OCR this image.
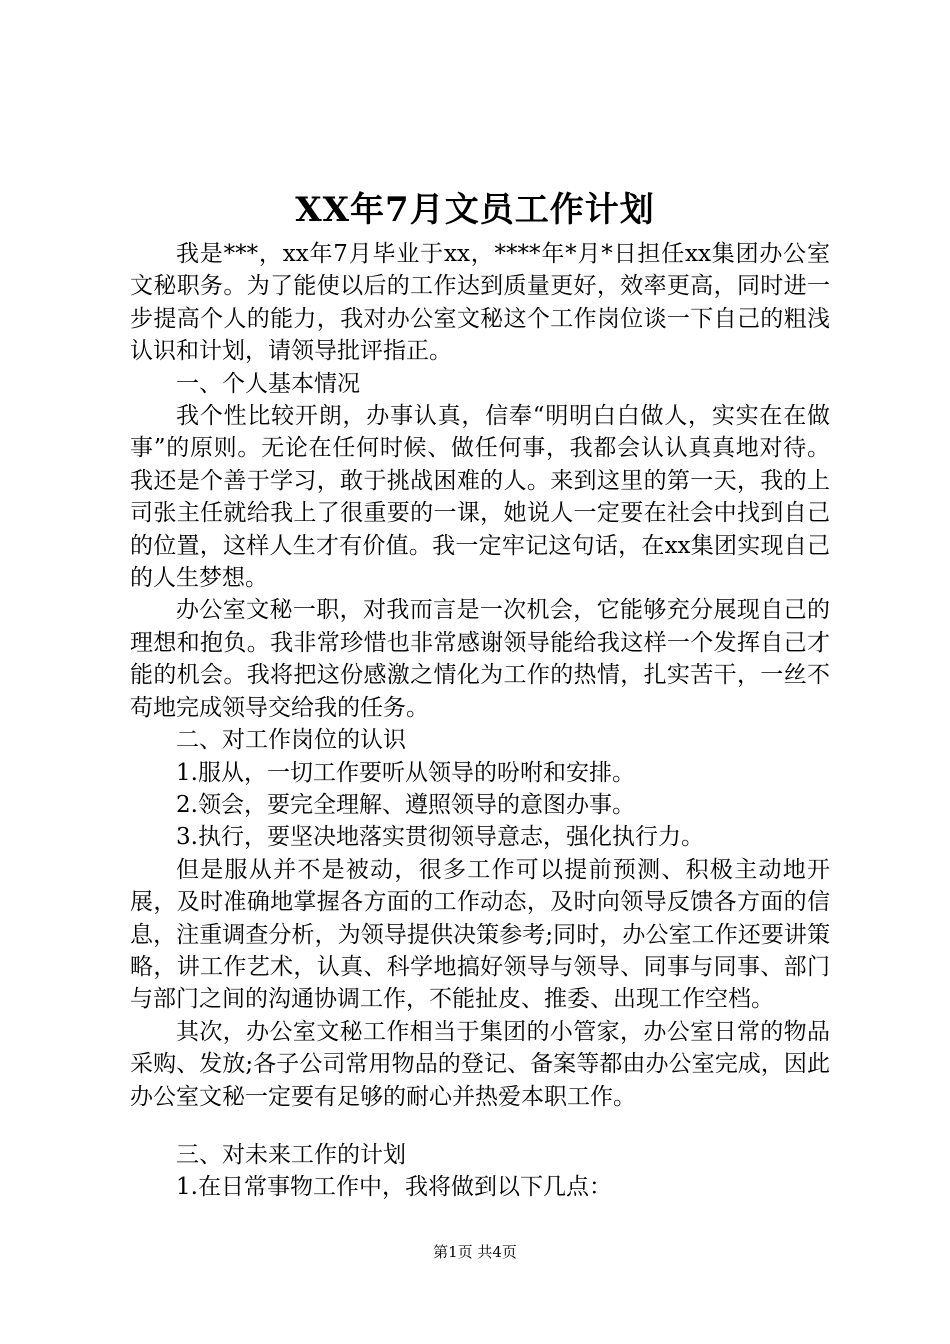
XX年7月文员工作计划

我是***，xx年7月毕业于xx，****年*月*日担任xx集团办公室文秘职务。为了能使以后的工作达到质量更好，效率更高，同时进一步提高个人的能力，我对办公室文秘这个工作岗位谈一下自己的粗浅认识和计划，请领导批评指正。

一、个人基本情况

我个性比较开朗，办事认真，信奉“明明白白做人，实实在在做事”的原则。无论在任何时候、做任何事，我都会认认真真地对待。我还是个善于学习，敢于挑战困难的人。来到这里的第一天，我的上司张主任就给我上了很重要的一课，她说人一定要在社会中找到自己的位置，这样人生才有价值。我一定牢记这句话，在xx集团实现自己的人生梦想。

办公室文秘一职，对我而言是一次机会，它能够充分展现自己的理想和抱负。我非常珍惜也非常感谢领导能给我这样一个发挥自己才能的机会。我将把这份感激之情化为工作的热情，扎实苦干，一丝不苟地完成领导交给我的任务。

二、对工作岗位的认识

1.服从，一切工作要听从领导的吩咐和安排。

2.领会，要完全理解、遵照领导的意图办事。

3.执行，要坚决地落实贯彻领导意志，强化执行力。

但是服从并不是被动，很多工作可以提前预测、积极主动地开展，及时准确地掌握各方面的工作动态，及时向领导反馈各方面的信息，注重调查分析，为领导提供决策参考;同时，办公室工作还要讲策略，讲工作艺术，认真、科学地搞好领导与领导、同事与同事、部门与部门之间的沟通协调工作，不能扯皮、推委、出现工作空档。

其次，办公室文秘工作相当于集团的小管家，办公室日常的物品采购、发放;各子公司常用物品的登记、备案等都由办公室完成，因此办公室文秘一定要有足够的耐心并热爱本职工作。

三、对未来工作的计划

1.在日常事物工作中，我将做到以下几点：

第1页 共4页
